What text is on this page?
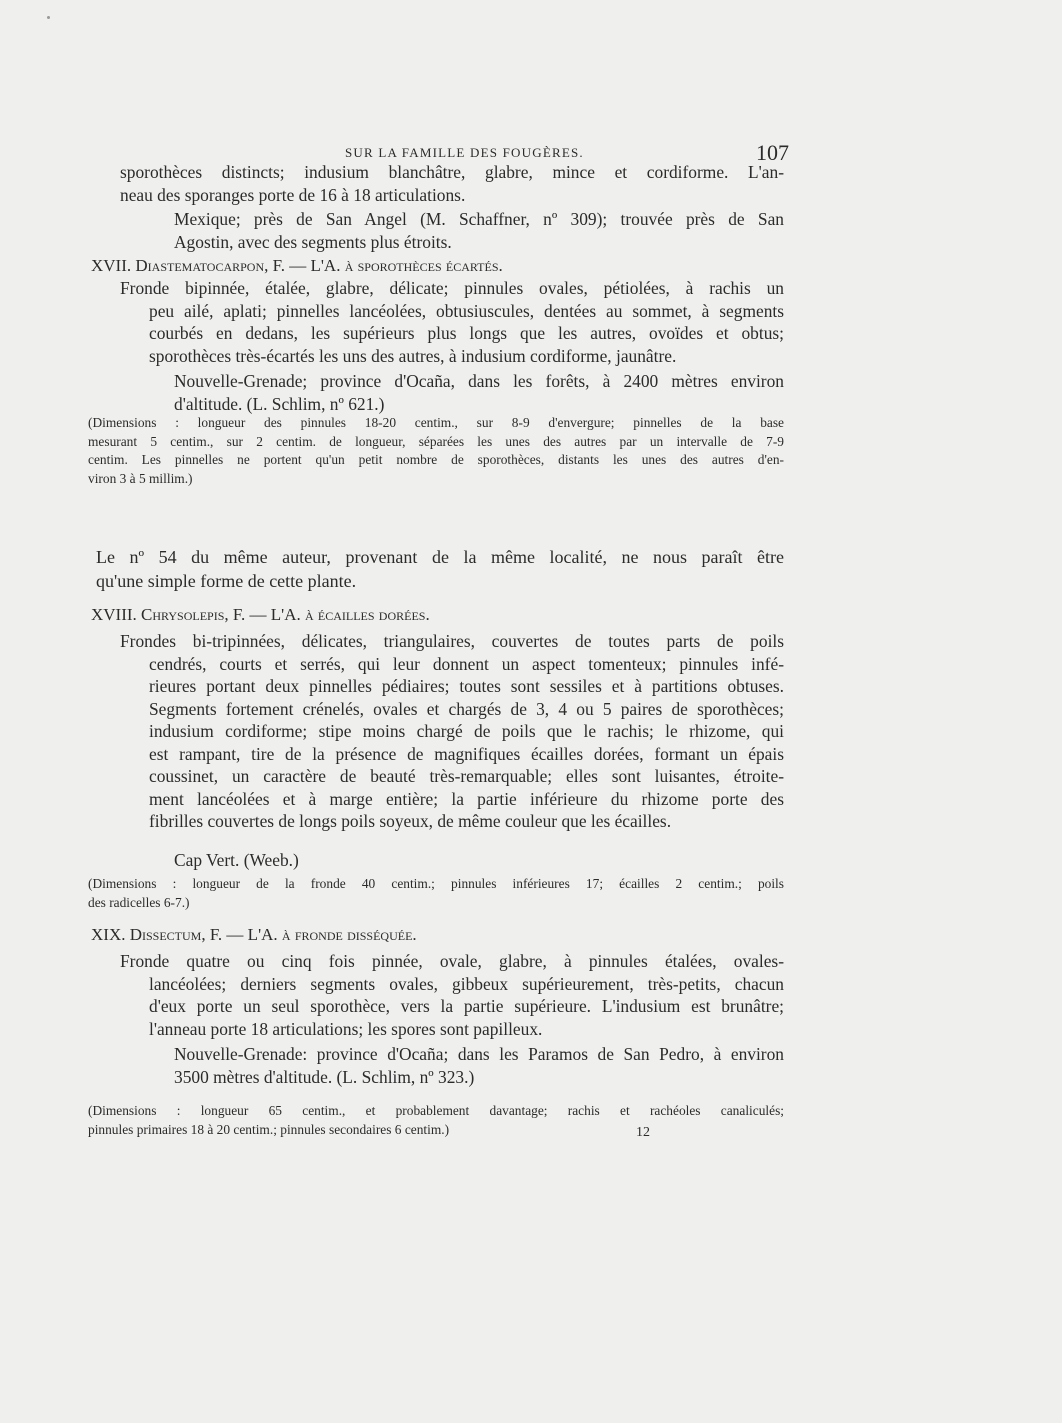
SUR LA FAMILLE DES FOUGÈRES.	107
sporothèces distincts; indusium blanchâtre, glabre, mince et cordiforme. L'an-
neau des sporanges porte de 16 à 18 articulations.
Mexique; près de San Angel (M. Schaffner, nº 309); trouvée près de San
Agostin, avec des segments plus étroits.
XVII. Diastematocarpon, F. — L'A. à sporothèces écartés.
Fronde bipinnée, étalée, glabre, délicate; pinnules ovales, pétiolées, à rachis un
peu ailé, aplati; pinnelles lancéolées, obtusiuscules, dentées au sommet, à segments
courbés en dedans, les supérieurs plus longs que les autres, ovoïdes et obtus;
sporothèces très-écartés les uns des autres, à indusium cordiforme, jaunâtre.
Nouvelle-Grenade; province d'Ocaña, dans les forêts, à 2400 mètres environ
d'altitude. (L. Schlim, nº 621.)
(Dimensions : longueur des pinnules 18-20 centim., sur 8-9 d'envergure; pinnelles de la base
mesurant 5 centim., sur 2 centim. de longueur, séparées les unes des autres par un intervalle de 7-9
centim. Les pinnelles ne portent qu'un petit nombre de sporothèces, distants les unes des autres d'en-
viron 3 à 5 millim.)
Le nº 54 du même auteur, provenant de la même localité, ne nous paraît être
qu'une simple forme de cette plante.
XVIII. Chrysolepis, F. — L'A. à écailles dorées.
Frondes bi-tripinnées, délicates, triangulaires, couvertes de toutes parts de poils
cendrés, courts et serrés, qui leur donnent un aspect tomenteux; pinnules infé-
rieures portant deux pinnelles pédiaires; toutes sont sessiles et à partitions obtuses.
Segments fortement crénelés, ovales et chargés de 3, 4 ou 5 paires de sporothèces;
indusium cordiforme; stipe moins chargé de poils que le rachis; le rhizome, qui
est rampant, tire de la présence de magnifiques écailles dorées, formant un épais
coussinet, un caractère de beauté très-remarquable; elles sont luisantes, étroite-
ment lancéolées et à marge entière; la partie inférieure du rhizome porte des
fibrilles couvertes de longs poils soyeux, de même couleur que les écailles.
Cap Vert. (Weeb.)
(Dimensions : longueur de la fronde 40 centim.; pinnules inférieures 17; écailles 2 centim.; poils
des radicelles 6-7.)
XIX. Dissectum, F. — L'A. à fronde disséquée.
Fronde quatre ou cinq fois pinnée, ovale, glabre, à pinnules étalées, ovales-
lancéolées; derniers segments ovales, gibbeux supérieurement, très-petits, chacun
d'eux porte un seul sporothèce, vers la partie supérieure. L'indusium est brunâtre;
l'anneau porte 18 articulations; les spores sont papilleux.
Nouvelle-Grenade: province d'Ocaña; dans les Paramos de San Pedro, à environ
3500 mètres d'altitude. (L. Schlim, nº 323.)
(Dimensions : longueur 65 centim., et probablement davantage; rachis et rachéoles canaliculés;
pinnules primaires 18 à 20 centim.; pinnules secondaires 6 centim.)	12
